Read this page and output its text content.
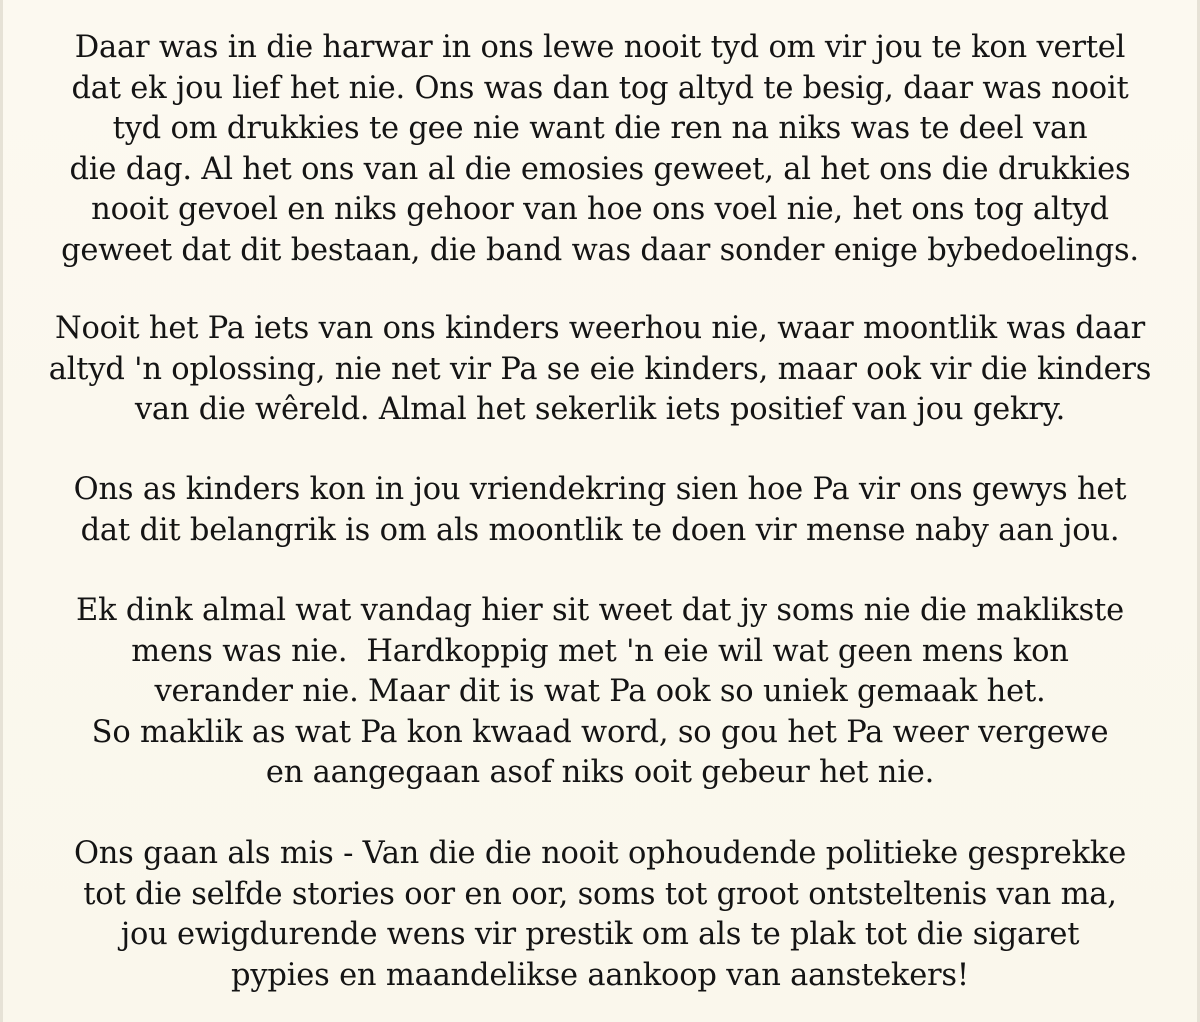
Daar was in die harwar in ons lewe nooit tyd om vir jou te kon vertel
dat ek jou lief het nie. Ons was dan tog altyd te besig, daar was nooit
tyd om drukkies te gee nie want die ren na niks was te deel van
die dag. Al het ons van al die emosies geweet, al het ons die drukkies
nooit gevoel en niks gehoor van hoe ons voel nie, het ons tog altyd
geweet dat dit bestaan, die band was daar sonder enige bybedoelings.
Nooit het Pa iets van ons kinders weerhou nie, waar moontlik was daar
altyd 'n oplossing, nie net vir Pa se eie kinders, maar ook vir die kinders
van die wêreld. Almal het sekerlik iets positief van jou gekry.
Ons as kinders kon in jou vriendekring sien hoe Pa vir ons gewys het
dat dit belangrik is om als moontlik te doen vir mense naby aan jou.
Ek dink almal wat vandag hier sit weet dat jy soms nie die maklikste
mens was nie.  Hardkoppig met 'n eie wil wat geen mens kon
verander nie. Maar dit is wat Pa ook so uniek gemaak het.
So maklik as wat Pa kon kwaad word, so gou het Pa weer vergewe
en aangegaan asof niks ooit gebeur het nie.
Ons gaan als mis - Van die die nooit ophoudende politieke gesprekke
tot die selfde stories oor en oor, soms tot groot ontsteltenis van ma,
jou ewigdurende wens vir prestik om als te plak tot die sigaret
pypies en maandelikse aankoop van aanstekers!
